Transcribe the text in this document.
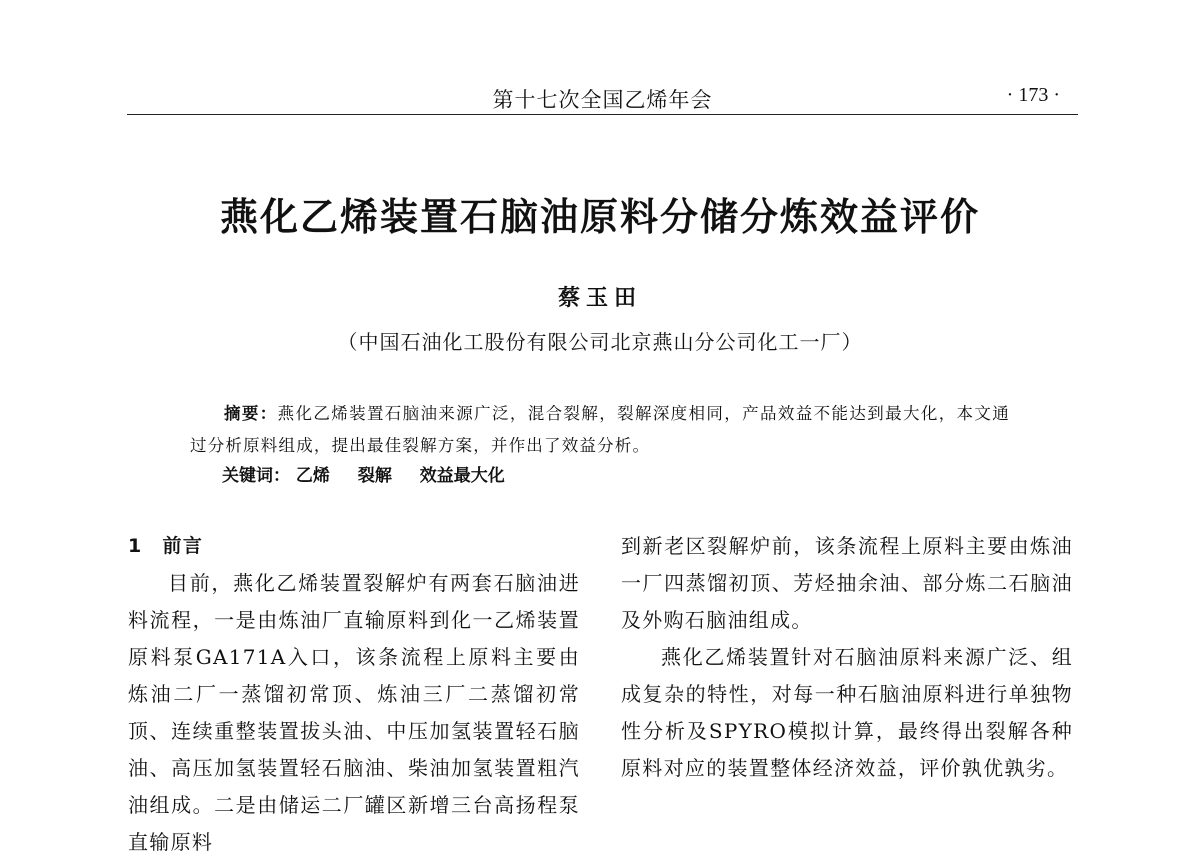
第十七次全国乙烯年会	· 173 ·
燕化乙烯装置石脑油原料分储分炼效益评价
蔡玉田
（中国石油化工股份有限公司北京燕山分公司化工一厂）
摘要：燕化乙烯装置石脑油来源广泛，混合裂解，裂解深度相同，产品效益不能达到最大化，本文通过分析原料组成，提出最佳裂解方案，并作出了效益分析。
关键词： 乙烯 裂解 效益最大化
1 前言

目前，燕化乙烯装置裂解炉有两套石脑油进料流程，一是由炼油厂直输原料到化一乙烯装置原料泵GA171A入口，该条流程上原料主要由炼油二厂一蒸馏初常顶、炼油三厂二蒸馏初常顶、连续重整装置拔头油、中压加氢装置轻石脑油、高压加氢装置轻石脑油、柴油加氢装置粗汽油组成。二是由储运二厂罐区新增三台高扬程泵直输原料

到新老区裂解炉前，该条流程上原料主要由炼油一厂四蒸馏初顶、芳烃抽余油、部分炼二石脑油及外购石脑油组成。

燕化乙烯装置针对石脑油原料来源广泛、组成复杂的特性，对每一种石脑油原料进行单独物性分析及SPYRO模拟计算，最终得出裂解各种原料对应的装置整体经济效益，评价孰优孰劣。
